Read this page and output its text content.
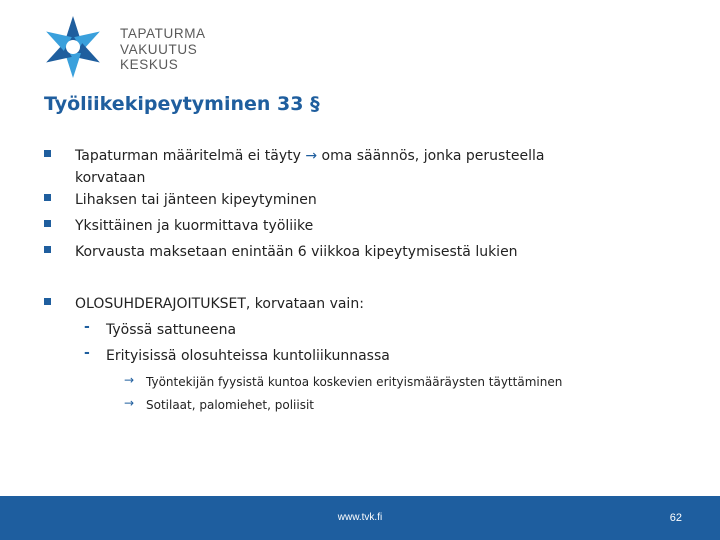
TAPATURMA
VAKUUTUS
KESKUS
Työliikekipeytyminen 33 §
Tapaturman määritelmä ei täyty → oma säännös, jonka perusteella
korvataan
Lihaksen tai jänteen kipeytyminen
Yksittäinen ja kuormittava työliike
Korvausta maksetaan enintään 6 viikkoa kipeytymisestä lukien
OLOSUHDERAJOITUKSET, korvataan vain:
- Työssä sattuneena
- Erityisissä olosuhteissa kuntoliikunnassa
→ Työntekijän fyysistä kuntoa koskevien erityismääräysten täyttäminen
→ Sotilaat, palomiehet, poliisit
www.tvk.fi	62
